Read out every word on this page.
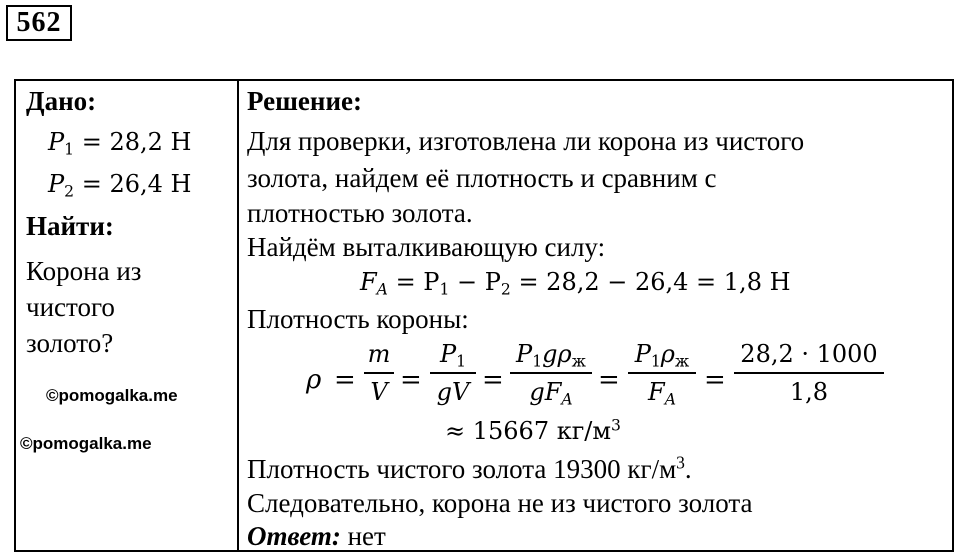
562
Дано:
$P_1 = 28,2$ Н
$P_2 = 26,4$ Н
Найти:
Корона из
чистого
золото?
©pomogalka.me
©pomogalka.me
Решение:
Для проверки, изготовлена ли корона из чистого
золота, найдем её плотность и сравним с
плотностью золота.
Найдём выталкивающую силу:
$F_A = P_1 - P_2 = 28,2 - 26,4 = 1,8$ Н
Плотность короны:
$\rho = \frac{m}{V} = \frac{P_1}{gV}$ =
$P_1g\rho_ж$
$gF_A$
=
$P_1\rho_ж$
$F_A$
= $\frac{28,2 \cdot 1000}{1,8}$
≈ 15667 $кг/м^3$
Плотность чистого золота 19300 $кг/м^3$.
Следовательно, корона не из чистого золота
Ответ: нет
